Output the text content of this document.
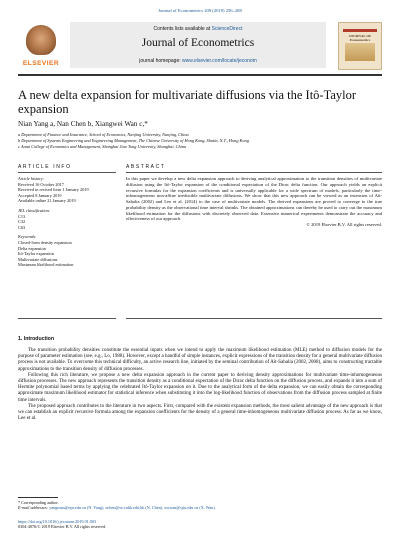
Journal of Econometrics 209 (2019) 256–288
ELSEVIER
Contents lists available at ScienceDirect
Journal of Econometrics
journal homepage: www.elsevier.com/locate/jeconom
JOURNAL OF Econometrics
A new delta expansion for multivariate diffusions via the Itô-Taylor expansion
Nian Yang a, Nan Chen b, Xiangwei Wan c,*
a Department of Finance and Insurance, School of Economics, Nanjing University, Nanjing, China
b Department of Systems Engineering and Engineering Management, The Chinese University of Hong Kong, Shatin, N.T., Hong Kong
c Antai College of Economics and Management, Shanghai Jiao Tong University, Shanghai, China
ARTICLE INFO	ABSTRACT
Article history:
Received 16 October 2017
Received in revised form 1 January 2019
Accepted 8 January 2019
Available online 21 January 2019
JEL classification:
C13
C32
C63
Keywords:
Closed-form density expansion
Delta expansion
Itô-Taylor expansion
Multivariate diffusions
Maximum likelihood estimation
In this paper we develop a new delta expansion approach to deriving analytical approximation to the transition densities of multivariate diffusion using the Itô-Taylor expansion of the conditional expectation of the Dirac delta function. Our approach yields an explicit recursive formulas for the expansion coefficients and is universally applicable for a wide spectrum of models, particularly the time-inhomogeneous non-affine irreducible multivariate diffusions. We show that this new approach can be viewed as an extension of Aït-Sahalia (2002) and Lee et al. (2014) to the case of multivariate models. The derived expansions are proved to converge to the true probability density as the observational time interval shrinks. The obtained approximations can thereby be used to carry out the maximum likelihood estimation for the diffusions with discretely observed data. Extensive numerical experiments demonstrate the accuracy and effectiveness of our approach.
© 2019 Elsevier B.V. All rights reserved.
1. Introduction

The transition probability densities constitute the essential inputs when we intend to apply the maximum likelihood estimation (MLE) method to diffusion models for the purpose of parameter estimation (see, e.g., Lo, 1988). However, except a handful of simple instances, explicit expressions of the transition density for a general multivariate diffusion process is not available. To overcome this technical difficulty, an active research line, initiated by the seminal contribution of Aït-Sahalia (2002, 2008), aims to constructing tractable approximations to the transition density of diffusion processes.

Following this rich literature, we propose a new delta expansion approach in the current paper to deriving density approximations for multivariate time-inhomogeneous diffusion processes. The new approach represents the transition density as a conditional expectation of the Dirac delta function on the diffusion process, and expands it into a sum of Hermite polynomial based terms by applying the celebrated Itô-Taylor expansion on it. Due to the analytical form of the delta expansion, we can easily obtain the corresponding approximate maximum likelihood estimator for statistical inference when substituting it into the log-likelihood function of observations from the diffusion process sampled at finite time intervals.

The proposed approach contributes to the literature in two aspects. First, compared with the existent expansion methods, the most salient advantage of the new approach is that we can establish an explicit recursive formula among the expansion coefficients for the density of a general time-inhomogeneous multivariate diffusion process. As far as we know, Lee et al.

* Corresponding author.
E-mail addresses: yangnian@nju.edu.cn (N. Yang), nchen@se.cuhk.edu.hk (N. Chen), xwwan@sjtu.edu.cn (X. Wan).
https://doi.org/10.1016/j.jeconom.2019.01.003
0304-4076/© 2019 Elsevier B.V. All rights reserved.
